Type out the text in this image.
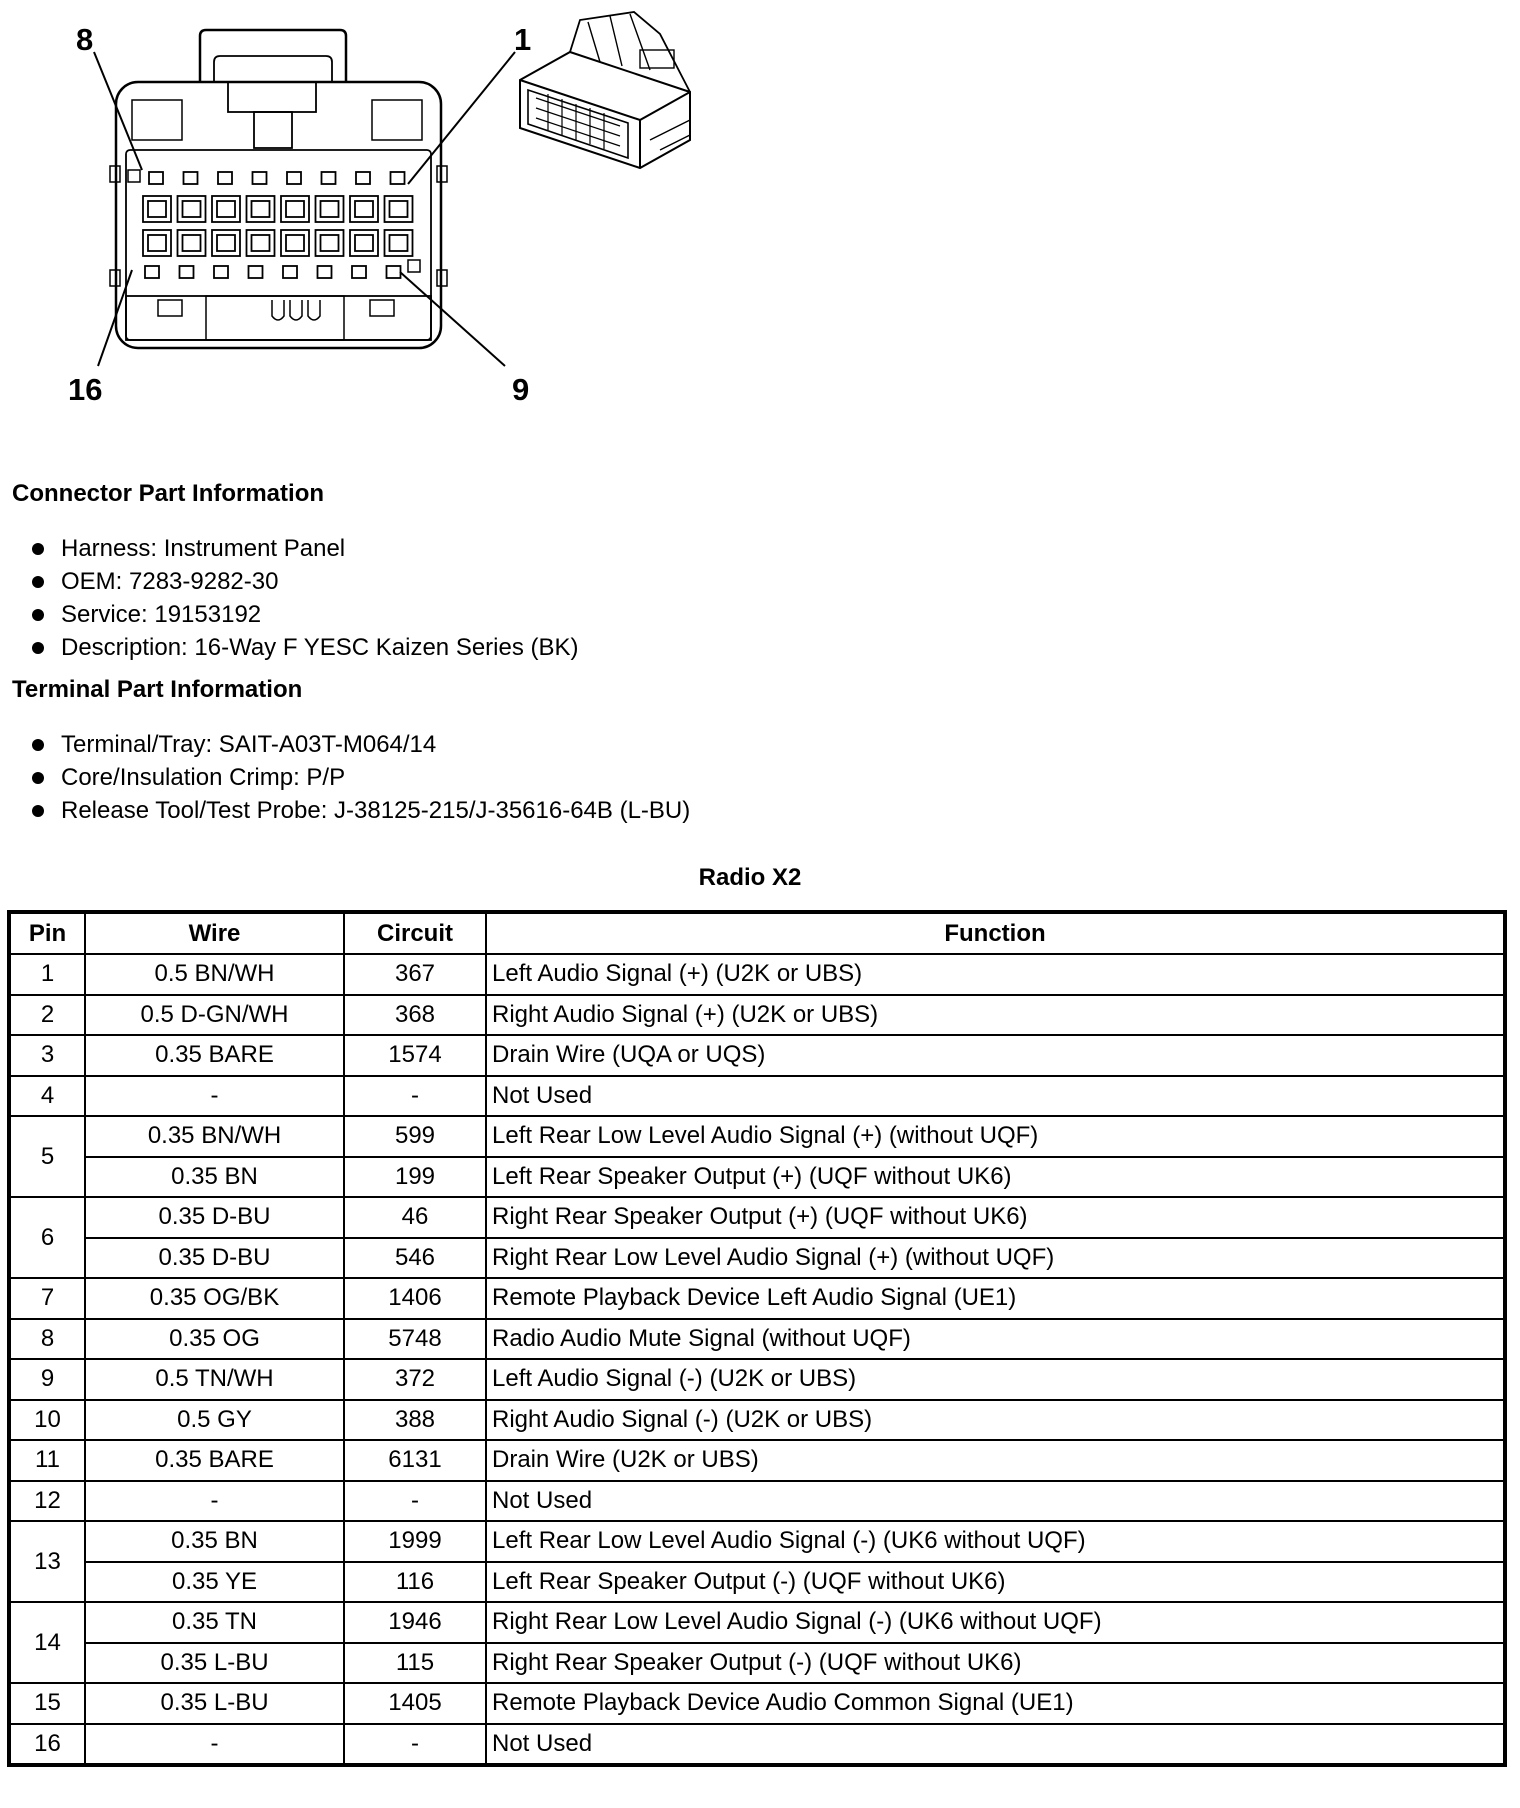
8	1
16	9
Connector Part Information
Harness: Instrument Panel
OEM: 7283-9282-30
Service: 19153192
Description: 16-Way F YESC Kaizen Series (BK)
Terminal Part Information
Terminal/Tray: SAIT-A03T-M064/14
Core/Insulation Crimp: P/P
Release Tool/Test Probe: J-38125-215/J-35616-64B (L-BU)
Radio X2
Pin	Wire	Circuit	Function
1	0.5 BN/WH	367	Left Audio Signal (+) (U2K or UBS)
2	0.5 D-GN/WH	368	Right Audio Signal (+) (U2K or UBS)
3	0.35 BARE	1574	Drain Wire (UQA or UQS)
4	-	-	Not Used
5	0.35 BN/WH	599	Left Rear Low Level Audio Signal (+) (without UQF)
	0.35 BN	199	Left Rear Speaker Output (+) (UQF without UK6)
6	0.35 D-BU	46	Right Rear Speaker Output (+) (UQF without UK6)
	0.35 D-BU	546	Right Rear Low Level Audio Signal (+) (without UQF)
7	0.35 OG/BK	1406	Remote Playback Device Left Audio Signal (UE1)
8	0.35 OG	5748	Radio Audio Mute Signal (without UQF)
9	0.5 TN/WH	372	Left Audio Signal (-) (U2K or UBS)
10	0.5 GY	388	Right Audio Signal (-) (U2K or UBS)
11	0.35 BARE	6131	Drain Wire (U2K or UBS)
12	-	-	Not Used
13	0.35 BN	1999	Left Rear Low Level Audio Signal (-) (UK6 without UQF)
	0.35 YE	116	Left Rear Speaker Output (-) (UQF without UK6)
14	0.35 TN	1946	Right Rear Low Level Audio Signal (-) (UK6 without UQF)
	0.35 L-BU	115	Right Rear Speaker Output (-) (UQF without UK6)
15	0.35 L-BU	1405	Remote Playback Device Audio Common Signal (UE1)
16	-	-	Not Used
